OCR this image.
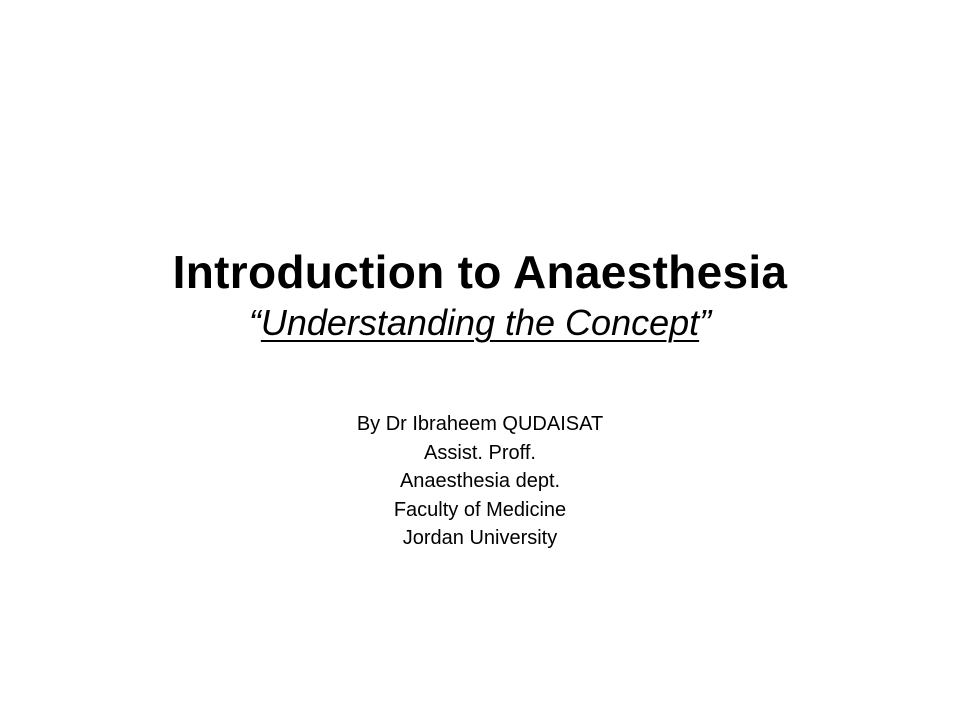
Introduction to Anaesthesia

“Understanding the Concept”

By Dr Ibraheem QUDAISAT
Assist. Proff.
Anaesthesia dept.
Faculty of Medicine
Jordan University
